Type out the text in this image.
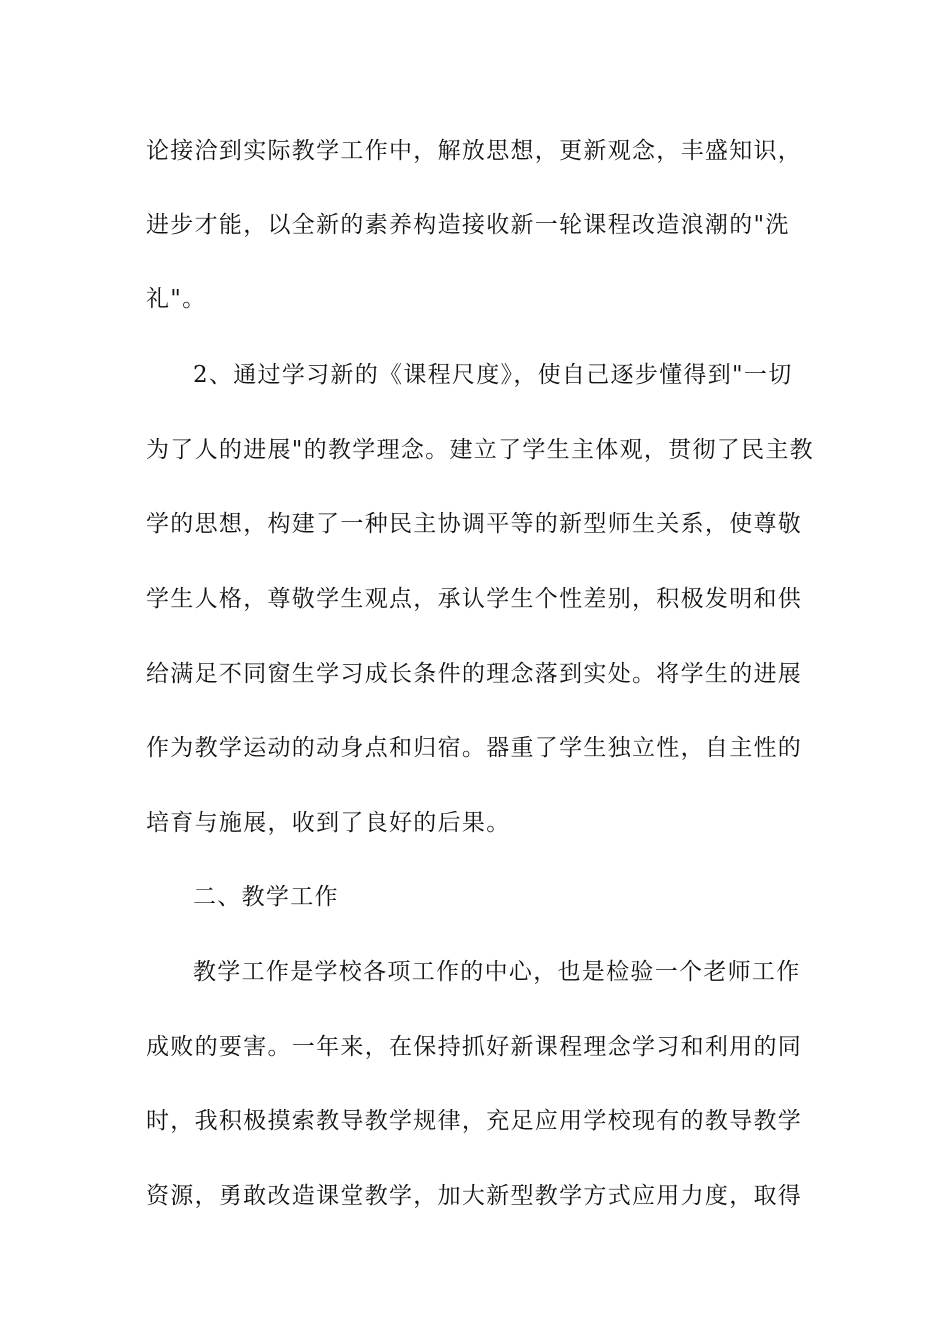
论接洽到实际教学工作中，解放思想，更新观念，丰盛知识，
进步才能，以全新的素养构造接收新一轮课程改造浪潮的"洗
礼"。
2、通过学习新的《课程尺度》，使自己逐步懂得到"一切
为了人的进展"的教学理念。建立了学生主体观，贯彻了民主教
学的思想，构建了一种民主协调平等的新型师生关系，使尊敬
学生人格，尊敬学生观点，承认学生个性差别，积极发明和供
给满足不同窗生学习成长条件的理念落到实处。将学生的进展
作为教学运动的动身点和归宿。器重了学生独立性，自主性的
培育与施展，收到了良好的后果。
二、教学工作
教学工作是学校各项工作的中心，也是检验一个老师工作
成败的要害。一年来，在保持抓好新课程理念学习和利用的同
时，我积极摸索教导教学规律，充足应用学校现有的教导教学
资源，勇敢改造课堂教学，加大新型教学方式应用力度，取得
